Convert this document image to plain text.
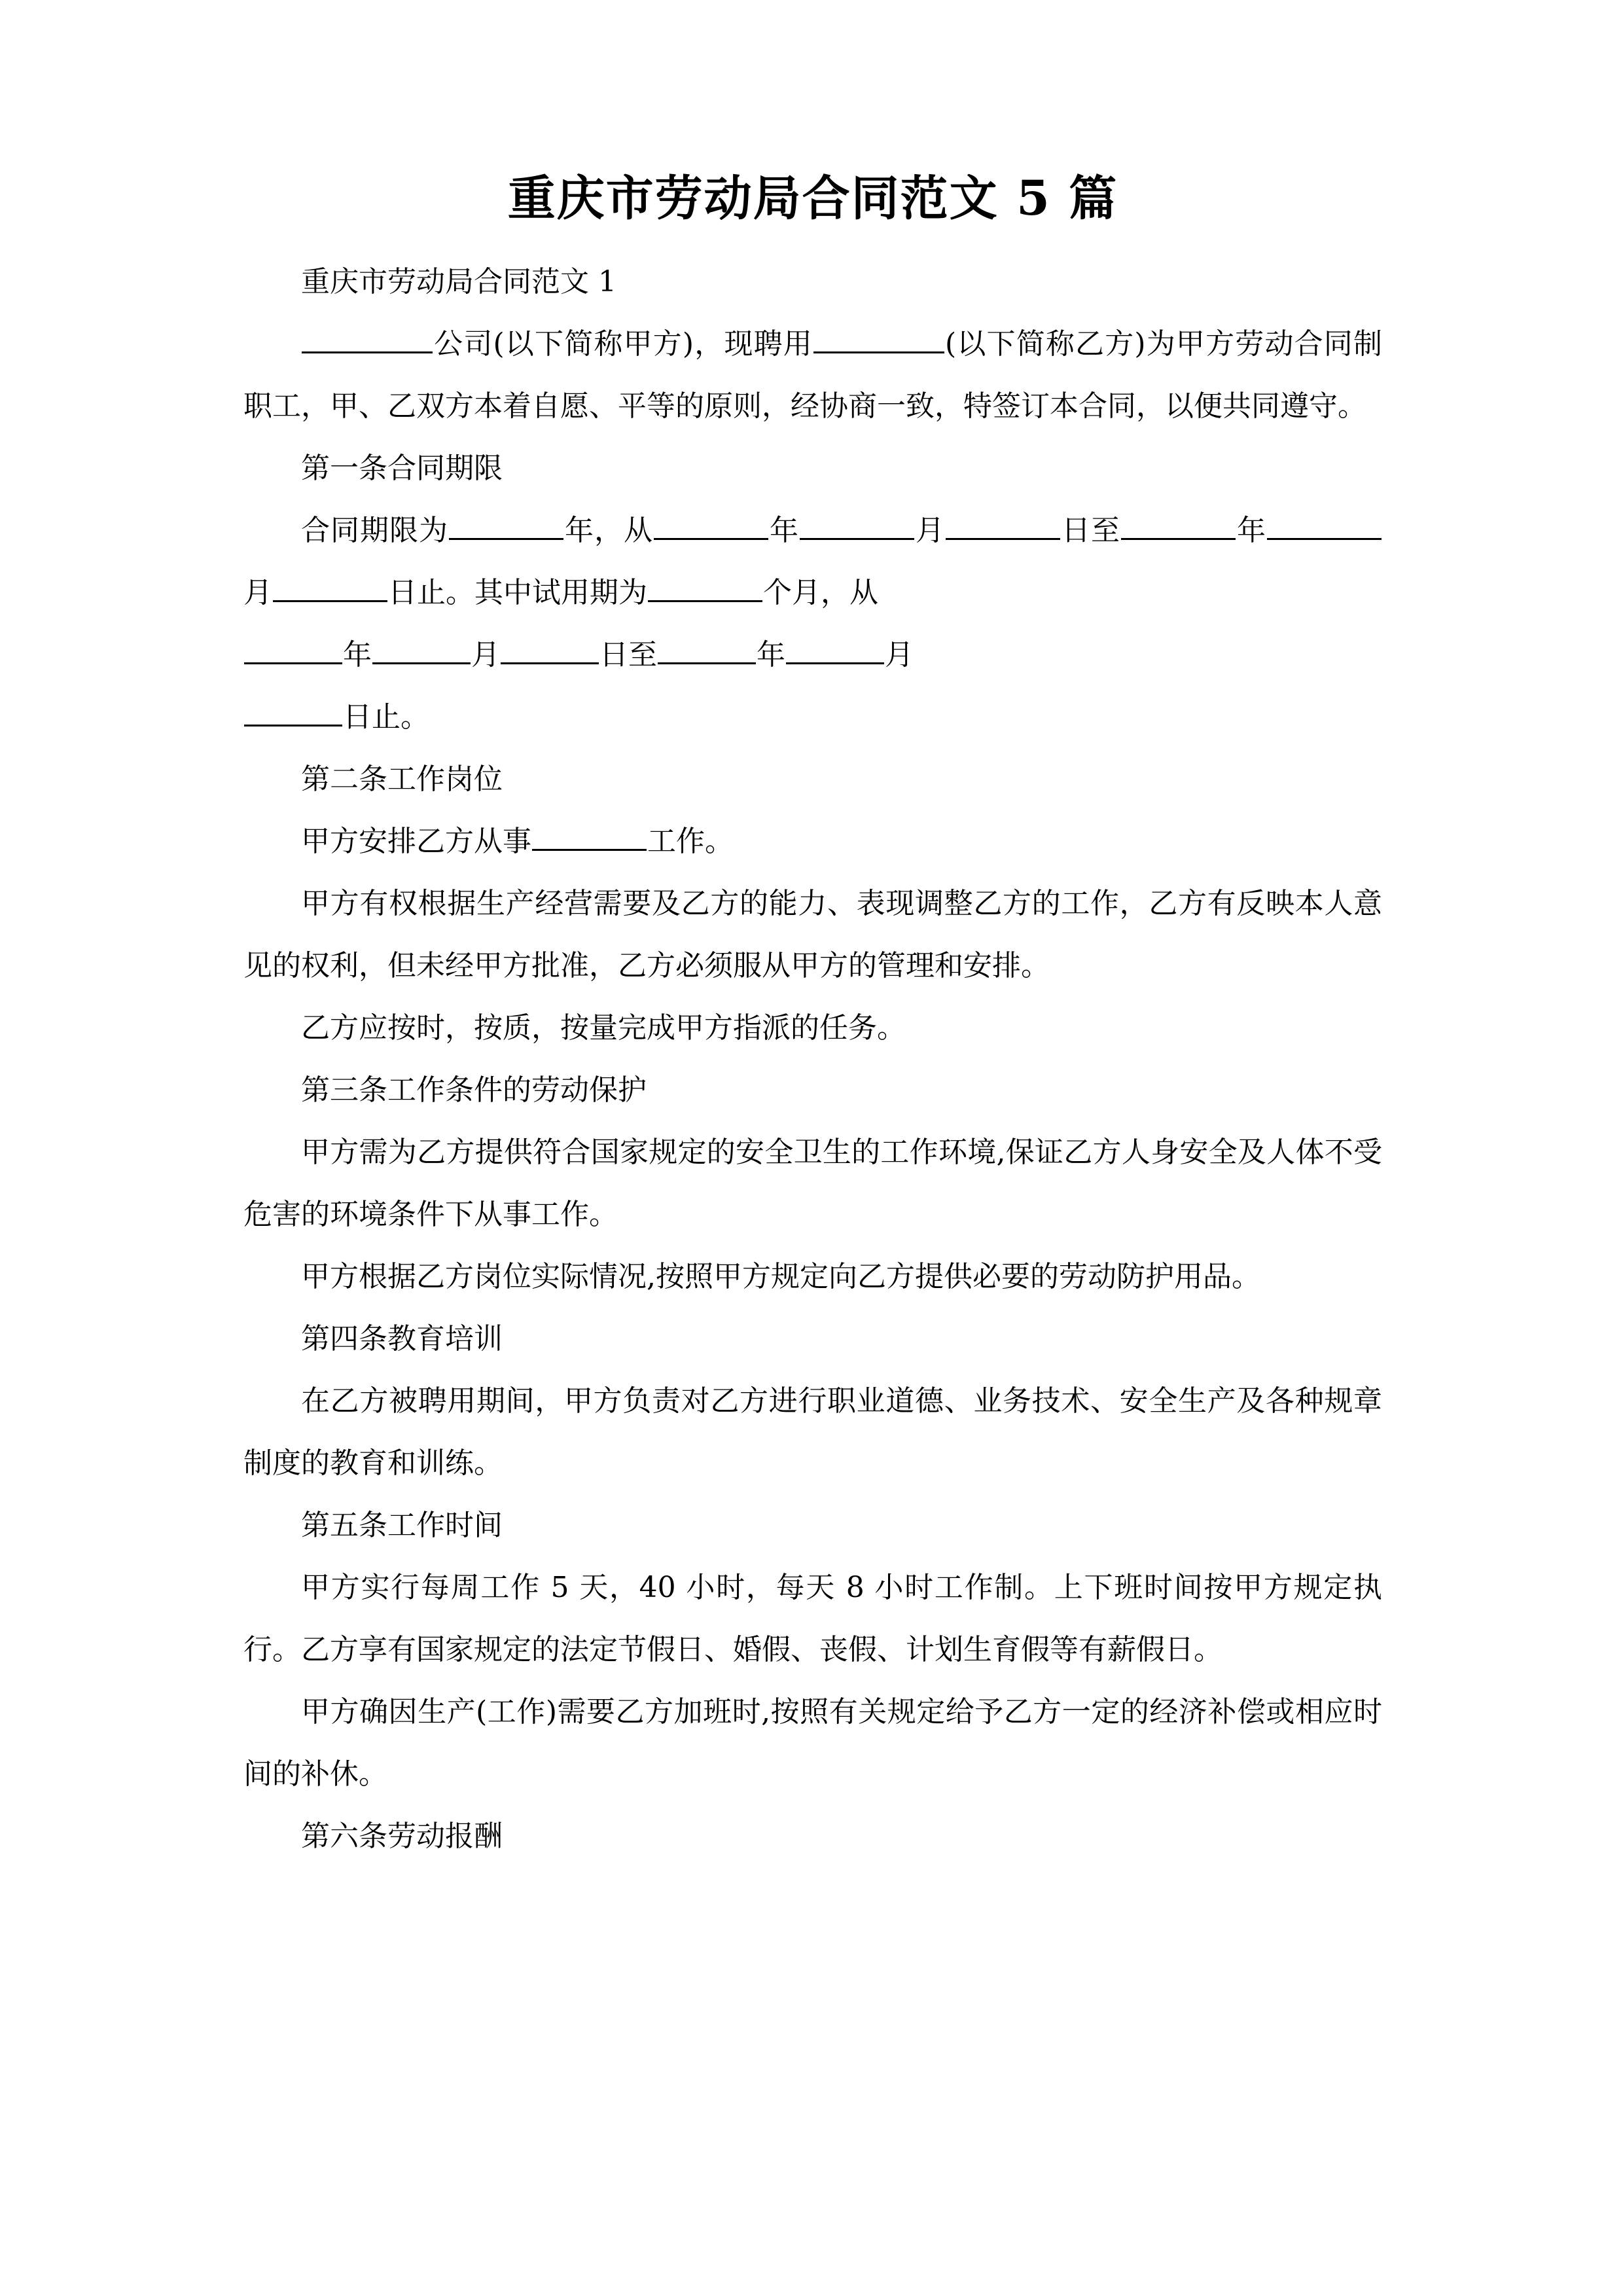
重庆市劳动局合同范文 5 篇

重庆市劳动局合同范文 1

公司(以下简称甲方)，现聘用	(以下简称乙方)为甲方劳动合同制职工，甲、乙双方本着自愿、平等的原则，经协商一致，特签订本合同，以便共同遵守。

第一条合同期限

合同期限为	年，从	年	月	日至	年月	日止。其中试用期为	个月，从

年	月	日至	年	月

日止。

第二条工作岗位

甲方安排乙方从事	工作。

甲方有权根据生产经营需要及乙方的能力、表现调整乙方的工作，乙方有反映本人意见的权利，但未经甲方批准，乙方必须服从甲方的管理和安排。

乙方应按时，按质，按量完成甲方指派的任务。

第三条工作条件的劳动保护

甲方需为乙方提供符合国家规定的安全卫生的工作环境,保证乙方人身安全及人体不受危害的环境条件下从事工作。

甲方根据乙方岗位实际情况,按照甲方规定向乙方提供必要的劳动防护用品。

第四条教育培训

在乙方被聘用期间，甲方负责对乙方进行职业道德、业务技术、安全生产及各种规章制度的教育和训练。

第五条工作时间

甲方实行每周工作 5 天，40 小时，每天 8 小时工作制。上下班时间按甲方规定执行。乙方享有国家规定的法定节假日、婚假、丧假、计划生育假等有薪假日。

甲方确因生产(工作)需要乙方加班时,按照有关规定给予乙方一定的经济补偿或相应时间的补休。

第六条劳动报酬
